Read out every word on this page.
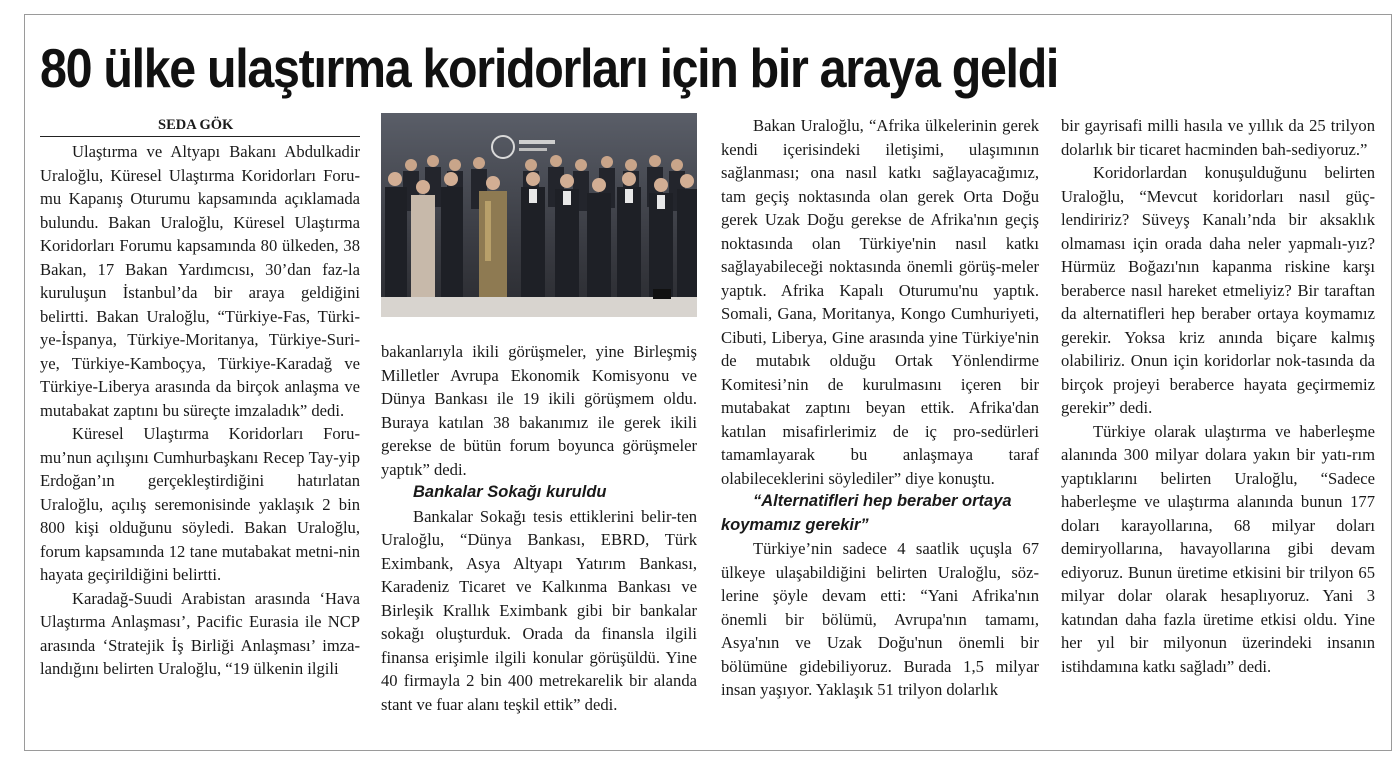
80 ülke ulaştırma koridorları için bir araya geldi
SEDA GÖK

Ulaştırma ve Altyapı Bakanı Abdulkadir Uraloğlu, Küresel Ulaştırma Koridorları Foru-mu Kapanış Oturumu kapsamında açıklamada bulundu. Bakan Uraloğlu, Küresel Ulaştırma Koridorları Forumu kapsamında 80 ülkeden, 38 Bakan, 17 Bakan Yardımcısı, 30’dan faz-la kuruluşun İstanbul’da bir araya geldiğini belirtti. Bakan Uraloğlu, “Türkiye-Fas, Türki-ye-İspanya, Türkiye-Moritanya, Türkiye-Suri-ye, Türkiye-Kamboçya, Türkiye-Karadağ ve Türkiye-Liberya arasında da birçok anlaşma ve mutabakat zaptını bu süreçte imzaladık” dedi.

Küresel Ulaştırma Koridorları Foru-mu’nun açılışını Cumhurbaşkanı Recep Tay-yip Erdoğan’ın gerçekleştirdiğini hatırlatan Uraloğlu, açılış seremonisinde yaklaşık 2 bin 800 kişi olduğunu söyledi. Bakan Uraloğlu, forum kapsamında 12 tane mutabakat metni-nin hayata geçirildiğini belirtti.

Karadağ-Suudi Arabistan arasında ‘Hava Ulaştırma Anlaşması’, Pacific Eurasia ile NCP arasında ‘Stratejik İş Birliği Anlaşması’ imza-landığını belirten Uraloğlu, “19 ülkenin ilgili

bakanlarıyla ikili görüşmeler, yine Birleşmiş Milletler Avrupa Ekonomik Komisyonu ve Dünya Bankası ile 19 ikili görüşmem oldu. Buraya katılan 38 bakanımız ile gerek ikili gerekse de bütün forum boyunca görüşmeler yaptık” dedi.

Bankalar Sokağı kuruldu

Bankalar Sokağı tesis ettiklerini belir-ten Uraloğlu, “Dünya Bankası, EBRD, Türk Eximbank, Asya Altyapı Yatırım Bankası, Karadeniz Ticaret ve Kalkınma Bankası ve Birleşik Krallık Eximbank gibi bir bankalar sokağı oluşturduk. Orada da finansla ilgili finansa erişimle ilgili konular görüşüldü. Yine 40 firmayla 2 bin 400 metrekarelik bir alanda stant ve fuar alanı teşkil ettik” dedi.

Bakan Uraloğlu, “Afrika ülkelerinin gerek kendi içerisindeki iletişimi, ulaşımının sağlanması; ona nasıl katkı sağlayacağımız, tam geçiş noktasında olan gerek Orta Doğu gerek Uzak Doğu gerekse de Afrika'nın geçiş noktasında olan Türkiye'nin nasıl katkı sağlayabileceği noktasında önemli görüş-meler yaptık. Afrika Kapalı Oturumu'nu yaptık. Somali, Gana, Moritanya, Kongo Cumhuriyeti, Cibuti, Liberya, Gine arasında yine Türkiye'nin de mutabık olduğu Ortak Yönlendirme Komitesi’nin de kurulmasını içeren bir mutabakat zaptını beyan ettik. Afrika'dan katılan misafirlerimiz de iç pro-sedürleri tamamlayarak bu anlaşmaya taraf olabileceklerini söylediler” diye konuştu.

“Alternatifleri hep beraber ortaya koymamız gerekir”

Türkiye’nin sadece 4 saatlik uçuşla 67 ülkeye ulaşabildiğini belirten Uraloğlu, söz-lerine şöyle devam etti: “Yani Afrika'nın önemli bir bölümü, Avrupa'nın tamamı, Asya'nın ve Uzak Doğu'nun önemli bir bölümüne gidebiliyoruz. Burada 1,5 milyar insan yaşıyor. Yaklaşık 51 trilyon dolarlık

bir gayrisafi milli hasıla ve yıllık da 25 trilyon dolarlık bir ticaret hacminden bah-sediyoruz.”

Koridorlardan konuşulduğunu belirten Uraloğlu, “Mevcut koridorları nasıl güç-lendiririz? Süveyş Kanalı’nda bir aksaklık olmaması için orada daha neler yapmalı-yız? Hürmüz Boğazı'nın kapanma riskine karşı beraberce nasıl hareket etmeliyiz? Bir taraftan da alternatifleri hep beraber ortaya koymamız gerekir. Yoksa kriz anında biçare kalmış olabiliriz. Onun için koridorlar nok-tasında da birçok projeyi beraberce hayata geçirmemiz gerekir” dedi.

Türkiye olarak ulaştırma ve haberleşme alanında 300 milyar dolara yakın bir yatı-rım yaptıklarını belirten Uraloğlu, “Sadece haberleşme ve ulaştırma alanında bunun 177 doları karayollarına, 68 milyar doları demiryollarına, havayollarına gibi devam ediyoruz. Bunun üretime etkisini bir trilyon 65 milyar dolar olarak hesaplıyoruz. Yani 3 katından daha fazla üretime etkisi oldu. Yine her yıl bir milyonun üzerindeki insanın istihdamına katkı sağladı” dedi.
